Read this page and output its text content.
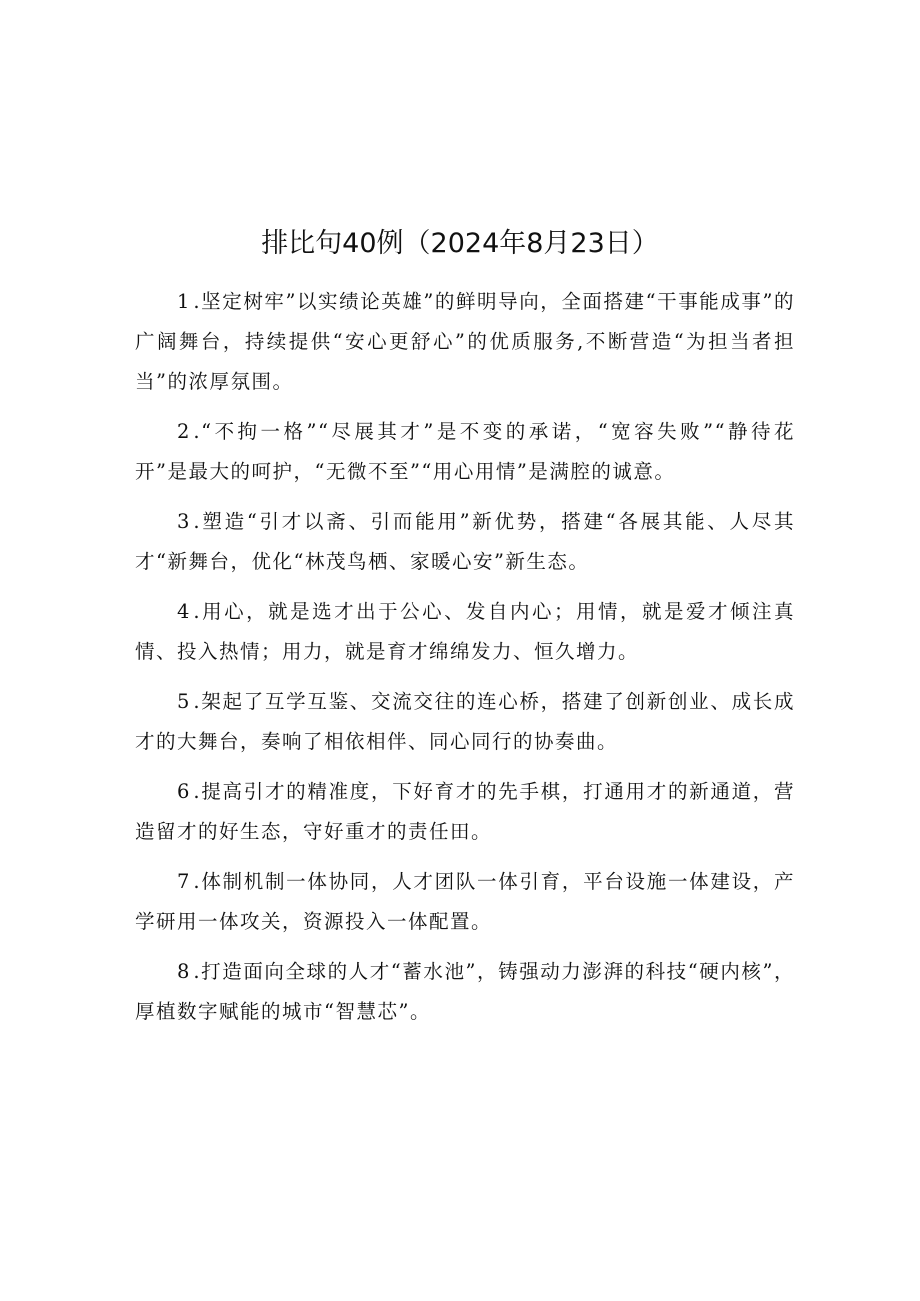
排比句40例（2024年8月23日）

1.坚定树牢”以实绩论英雄”的鲜明导向，全面搭建“干事能成事”的广阔舞台，持续提供“安心更舒心”的优质服务,不断营造“为担当者担当”的浓厚氛围。

2.“不拘一格”“尽展其才”是不变的承诺，“宽容失败”“静待花开”是最大的呵护，“无微不至”“用心用情”是满腔的诚意。

3.塑造“引才以斋、引而能用”新优势，搭建“各展其能、人尽其才“新舞台，优化“林茂鸟栖、家暖心安”新生态。

4.用心，就是选才出于公心、发自内心；用情，就是爱才倾注真情、投入热情；用力，就是育才绵绵发力、恒久增力。

5.架起了互学互鉴、交流交往的连心桥，搭建了创新创业、成长成才的大舞台，奏响了相依相伴、同心同行的协奏曲。

6.提高引才的精准度，下好育才的先手棋，打通用才的新通道，营造留才的好生态，守好重才的责任田。

7.体制机制一体协同，人才团队一体引育，平台设施一体建设，产学研用一体攻关，资源投入一体配置。

8.打造面向全球的人才“蓄水池”，铸强动力澎湃的科技“硬内核”，厚植数字赋能的城市“智慧芯”。
